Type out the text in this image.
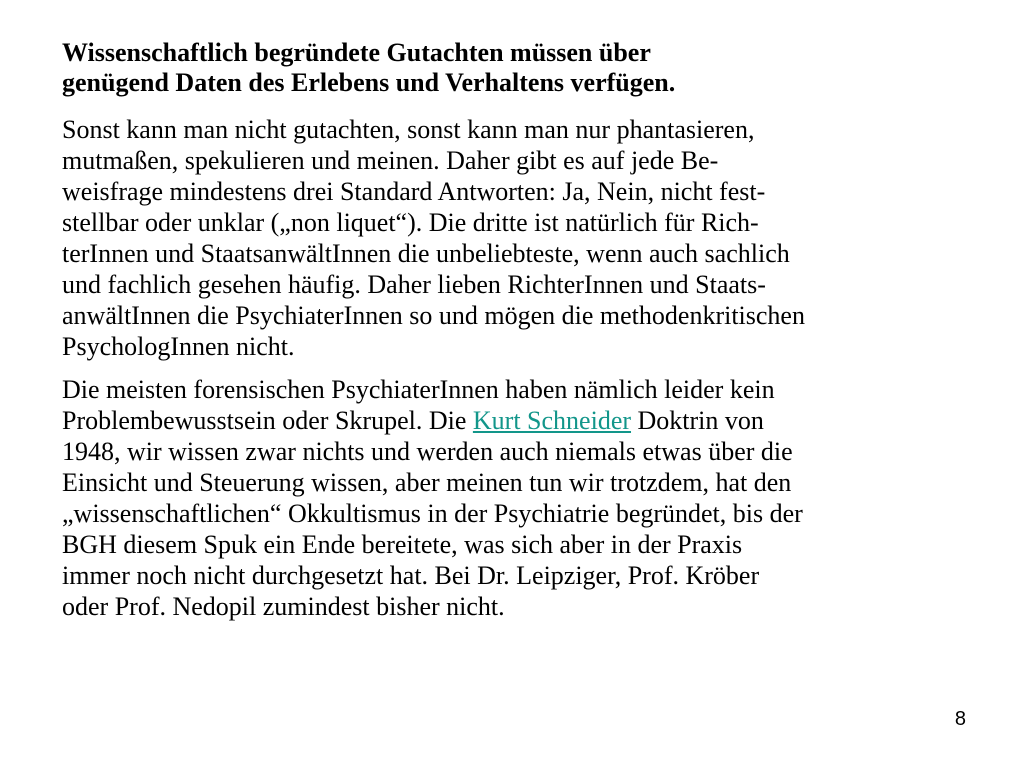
Wissenschaftlich begründete Gutachten müssen über
genügend Daten des Erlebens und Verhaltens verfügen.
Sonst kann man nicht gutachten, sonst kann man nur phantasieren,
mutmaßen, spekulieren und meinen. Daher gibt es auf jede Be-
weisfrage mindestens drei Standard Antworten: Ja, Nein, nicht fest-
stellbar oder unklar („non liquet“). Die dritte ist natürlich für Rich-
terInnen und StaatsanwältInnen die unbeliebteste, wenn auch sachlich
und fachlich gesehen häufig. Daher lieben RichterInnen und Staats-
anwältInnen die PsychiaterInnen so und mögen die methodenkritischen
PsychologInnen nicht.
Die meisten forensischen PsychiaterInnen haben nämlich leider kein
Problembewusstsein oder Skrupel. Die Kurt Schneider Doktrin von
1948, wir wissen zwar nichts und werden auch niemals etwas über die
Einsicht und Steuerung wissen, aber meinen tun wir trotzdem, hat den
„wissenschaftlichen“ Okkultismus in der Psychiatrie begründet, bis der
BGH diesem Spuk ein Ende bereitete, was sich aber in der Praxis
immer noch nicht durchgesetzt hat. Bei Dr. Leipziger, Prof. Kröber
oder Prof. Nedopil zumindest bisher nicht.
8
